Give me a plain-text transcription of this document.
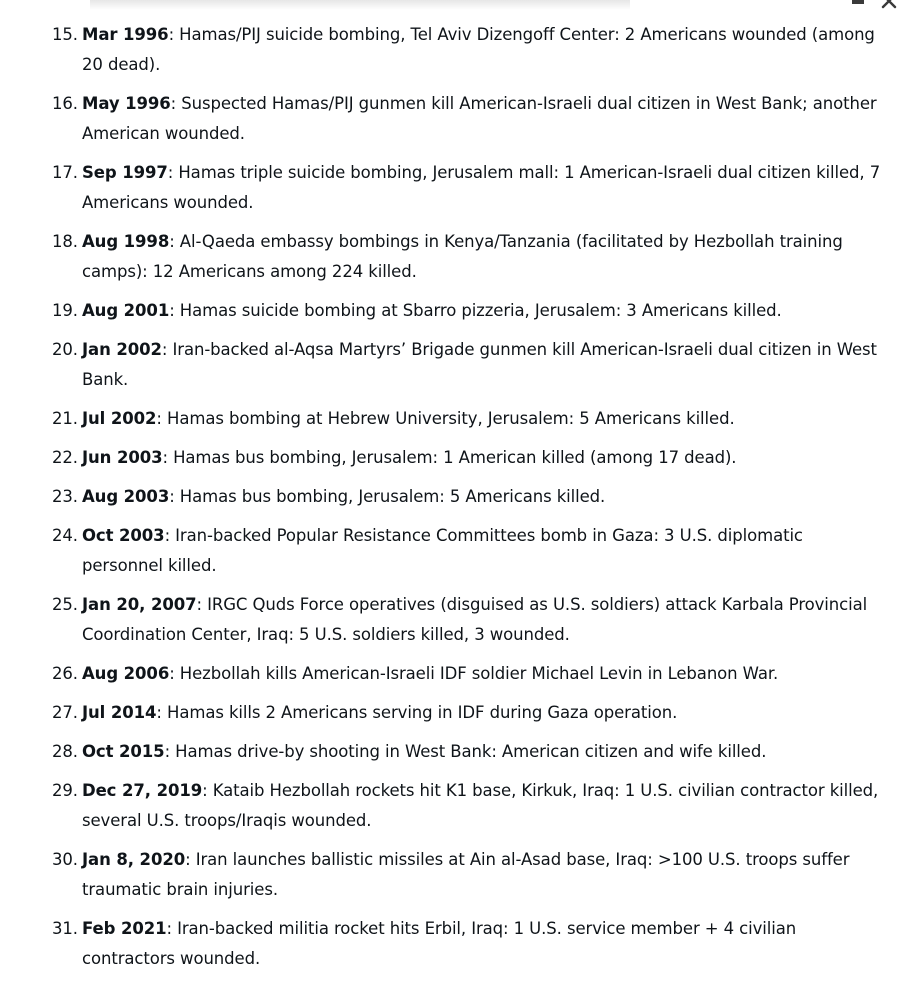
15. Mar 1996: Hamas/PIJ suicide bombing, Tel Aviv Dizengoff Center: 2 Americans wounded (among 20 dead).
16. May 1996: Suspected Hamas/PIJ gunmen kill American-Israeli dual citizen in West Bank; another American wounded.
17. Sep 1997: Hamas triple suicide bombing, Jerusalem mall: 1 American-Israeli dual citizen killed, 7 Americans wounded.
18. Aug 1998: Al-Qaeda embassy bombings in Kenya/Tanzania (facilitated by Hezbollah training camps): 12 Americans among 224 killed.
19. Aug 2001: Hamas suicide bombing at Sbarro pizzeria, Jerusalem: 3 Americans killed.
20. Jan 2002: Iran-backed al-Aqsa Martyrs’ Brigade gunmen kill American-Israeli dual citizen in West Bank.
21. Jul 2002: Hamas bombing at Hebrew University, Jerusalem: 5 Americans killed.
22. Jun 2003: Hamas bus bombing, Jerusalem: 1 American killed (among 17 dead).
23. Aug 2003: Hamas bus bombing, Jerusalem: 5 Americans killed.
24. Oct 2003: Iran-backed Popular Resistance Committees bomb in Gaza: 3 U.S. diplomatic personnel killed.
25. Jan 20, 2007: IRGC Quds Force operatives (disguised as U.S. soldiers) attack Karbala Provincial Coordination Center, Iraq: 5 U.S. soldiers killed, 3 wounded.
26. Aug 2006: Hezbollah kills American-Israeli IDF soldier Michael Levin in Lebanon War.
27. Jul 2014: Hamas kills 2 Americans serving in IDF during Gaza operation.
28. Oct 2015: Hamas drive-by shooting in West Bank: American citizen and wife killed.
29. Dec 27, 2019: Kataib Hezbollah rockets hit K1 base, Kirkuk, Iraq: 1 U.S. civilian contractor killed, several U.S. troops/Iraqis wounded.
30. Jan 8, 2020: Iran launches ballistic missiles at Ain al-Asad base, Iraq: >100 U.S. troops suffer traumatic brain injuries.
31. Feb 2021: Iran-backed militia rocket hits Erbil, Iraq: 1 U.S. service member + 4 civilian contractors wounded.
